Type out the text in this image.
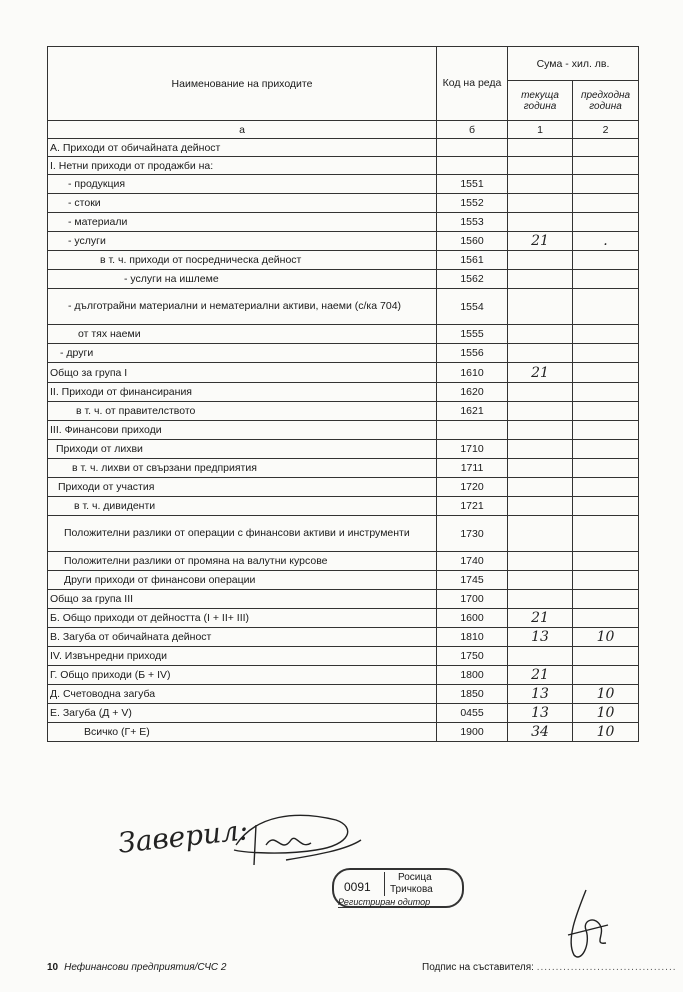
Наименование на приходите	Код на реда	Сума - хил. лв.	
		текуща година	предходна година
а	б	1	2
А. Приходи от обичайната дейност			
I. Нетни приходи от продажби на:			
- продукция	1551		
- стоки	1552		
- материали	1553		
- услуги	1560	21	.
в т. ч. приходи от посредническа дейност	1561		
- услуги на ишлеме	1562		
- дълготрайни материални и нематериални активи, наеми (с/ка 704)	1554		
от тях наеми	1555		
- други	1556		
Общо за група I	1610	21	
II. Приходи от финансирания	1620		
в т. ч. от правителството	1621		
III. Финансови приходи			
Приходи от лихви	1710		
в т. ч. лихви от свързани предприятия	1711		
Приходи от участия	1720		
в т. ч. дивиденти	1721		
Положителни разлики от операции с финансови активи и инструменти	1730		
Положителни разлики от промяна на валутни курсове	1740		
Други приходи от финансови операции	1745		
Общо за група III	1700		
Б. Общо приходи от дейността (I + II+ III)	1600	21	
В. Загуба от обичайната дейност	1810	13	10
IV. Извънредни приходи	1750		
Г. Общо приходи (Б + IV)	1800	21	
Д. Счетоводна загуба	1850	13	10
Е. Загуба (Д + V)	0455	13	10
Всичко (Г+ Е)	1900	34	10
Заверил:
0091
Росица
Тричкова
Регистриран одитор
10 Нефинансови предприятия/СЧС 2	Подпис на съставителя: .....................................
